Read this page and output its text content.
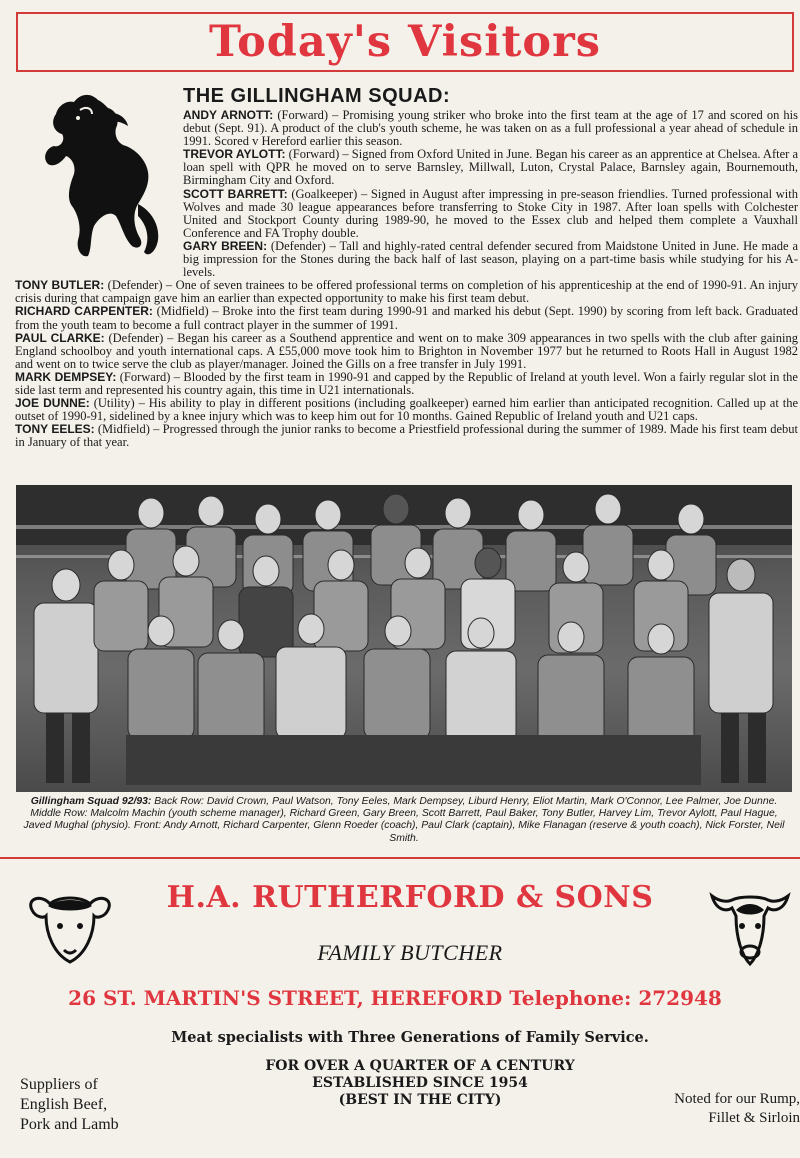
Today's Visitors
THE GILLINGHAM SQUAD:

ANDY ARNOTT: (Forward) – Promising young striker who broke into the first team at the age of 17 and scored on his debut (Sept. 91). A product of the club's youth scheme, he was taken on as a full professional a year ahead of schedule in 1991. Scored v Hereford earlier this season.

TREVOR AYLOTT: (Forward) – Signed from Oxford United in June. Began his career as an apprentice at Chelsea. After a loan spell with QPR he moved on to serve Barnsley, Millwall, Luton, Crystal Palace, Barnsley again, Bournemouth, Birmingham City and Oxford.

SCOTT BARRETT: (Goalkeeper) – Signed in August after impressing in pre-season friendlies. Turned professional with Wolves and made 30 league appearances before transferring to Stoke City in 1987. After loan spells with Colchester United and Stockport County during 1989-90, he moved to the Essex club and helped them complete a Vauxhall Conference and FA Trophy double.

GARY BREEN: (Defender) – Tall and highly-rated central defender secured from Maidstone United in June. He made a big impression for the Stones during the back half of last season, playing on a part-time basis while studying for his A-levels.

TONY BUTLER: (Defender) – One of seven trainees to be offered professional terms on completion of his apprenticeship at the end of 1990-91. An injury crisis during that campaign gave him an earlier than expected opportunity to make his first team debut.

RICHARD CARPENTER: (Midfield) – Broke into the first team during 1990-91 and marked his debut (Sept. 1990) by scoring from left back. Graduated from the youth team to become a full contract player in the summer of 1991.

PAUL CLARKE: (Defender) – Began his career as a Southend apprentice and went on to make 309 appearances in two spells with the club after gaining England schoolboy and youth international caps. A £55,000 move took him to Brighton in November 1977 but he returned to Roots Hall in August 1982 and went on to twice serve the club as player/manager. Joined the Gills on a free transfer in July 1991.

MARK DEMPSEY: (Forward) – Blooded by the first team in 1990-91 and capped by the Republic of Ireland at youth level. Won a fairly regular slot in the side last term and represented his country again, this time in U21 internationals.

JOE DUNNE: (Utility) – His ability to play in different positions (including goalkeeper) earned him earlier than anticipated recognition. Called up at the outset of 1990-91, sidelined by a knee injury which was to keep him out for 10 months. Gained Republic of Ireland youth and U21 caps.

TONY EELES: (Midfield) – Progressed through the junior ranks to become a Priestfield professional during the summer of 1989. Made his first team debut in January of that year.

Gillingham Squad 92/93: Back Row: David Crown, Paul Watson, Tony Eeles, Mark Dempsey, Liburd Henry, Eliot Martin, Mark O'Connor, Lee Palmer, Joe Dunne. Middle Row: Malcolm Machin (youth scheme manager), Richard Green, Gary Breen, Scott Barrett, Paul Baker, Tony Butler, Harvey Lim, Trevor Aylott, Paul Hague, Javed Mughal (physio). Front: Andy Arnott, Richard Carpenter, Glenn Roeder (coach), Paul Clark (captain), Mike Flanagan (reserve & youth coach), Nick Forster, Neil Smith.
H.A. RUTHERFORD & SONS
FAMILY BUTCHER
26 ST. MARTIN'S STREET, HEREFORD Telephone: 272948
Meat specialists with Three Generations of Family Service.
FOR OVER A QUARTER OF A CENTURY
ESTABLISHED SINCE 1954
(BEST IN THE CITY)
Suppliers of
English Beef,
Pork and Lamb
Noted for our Rump,
Fillet & Sirloin
